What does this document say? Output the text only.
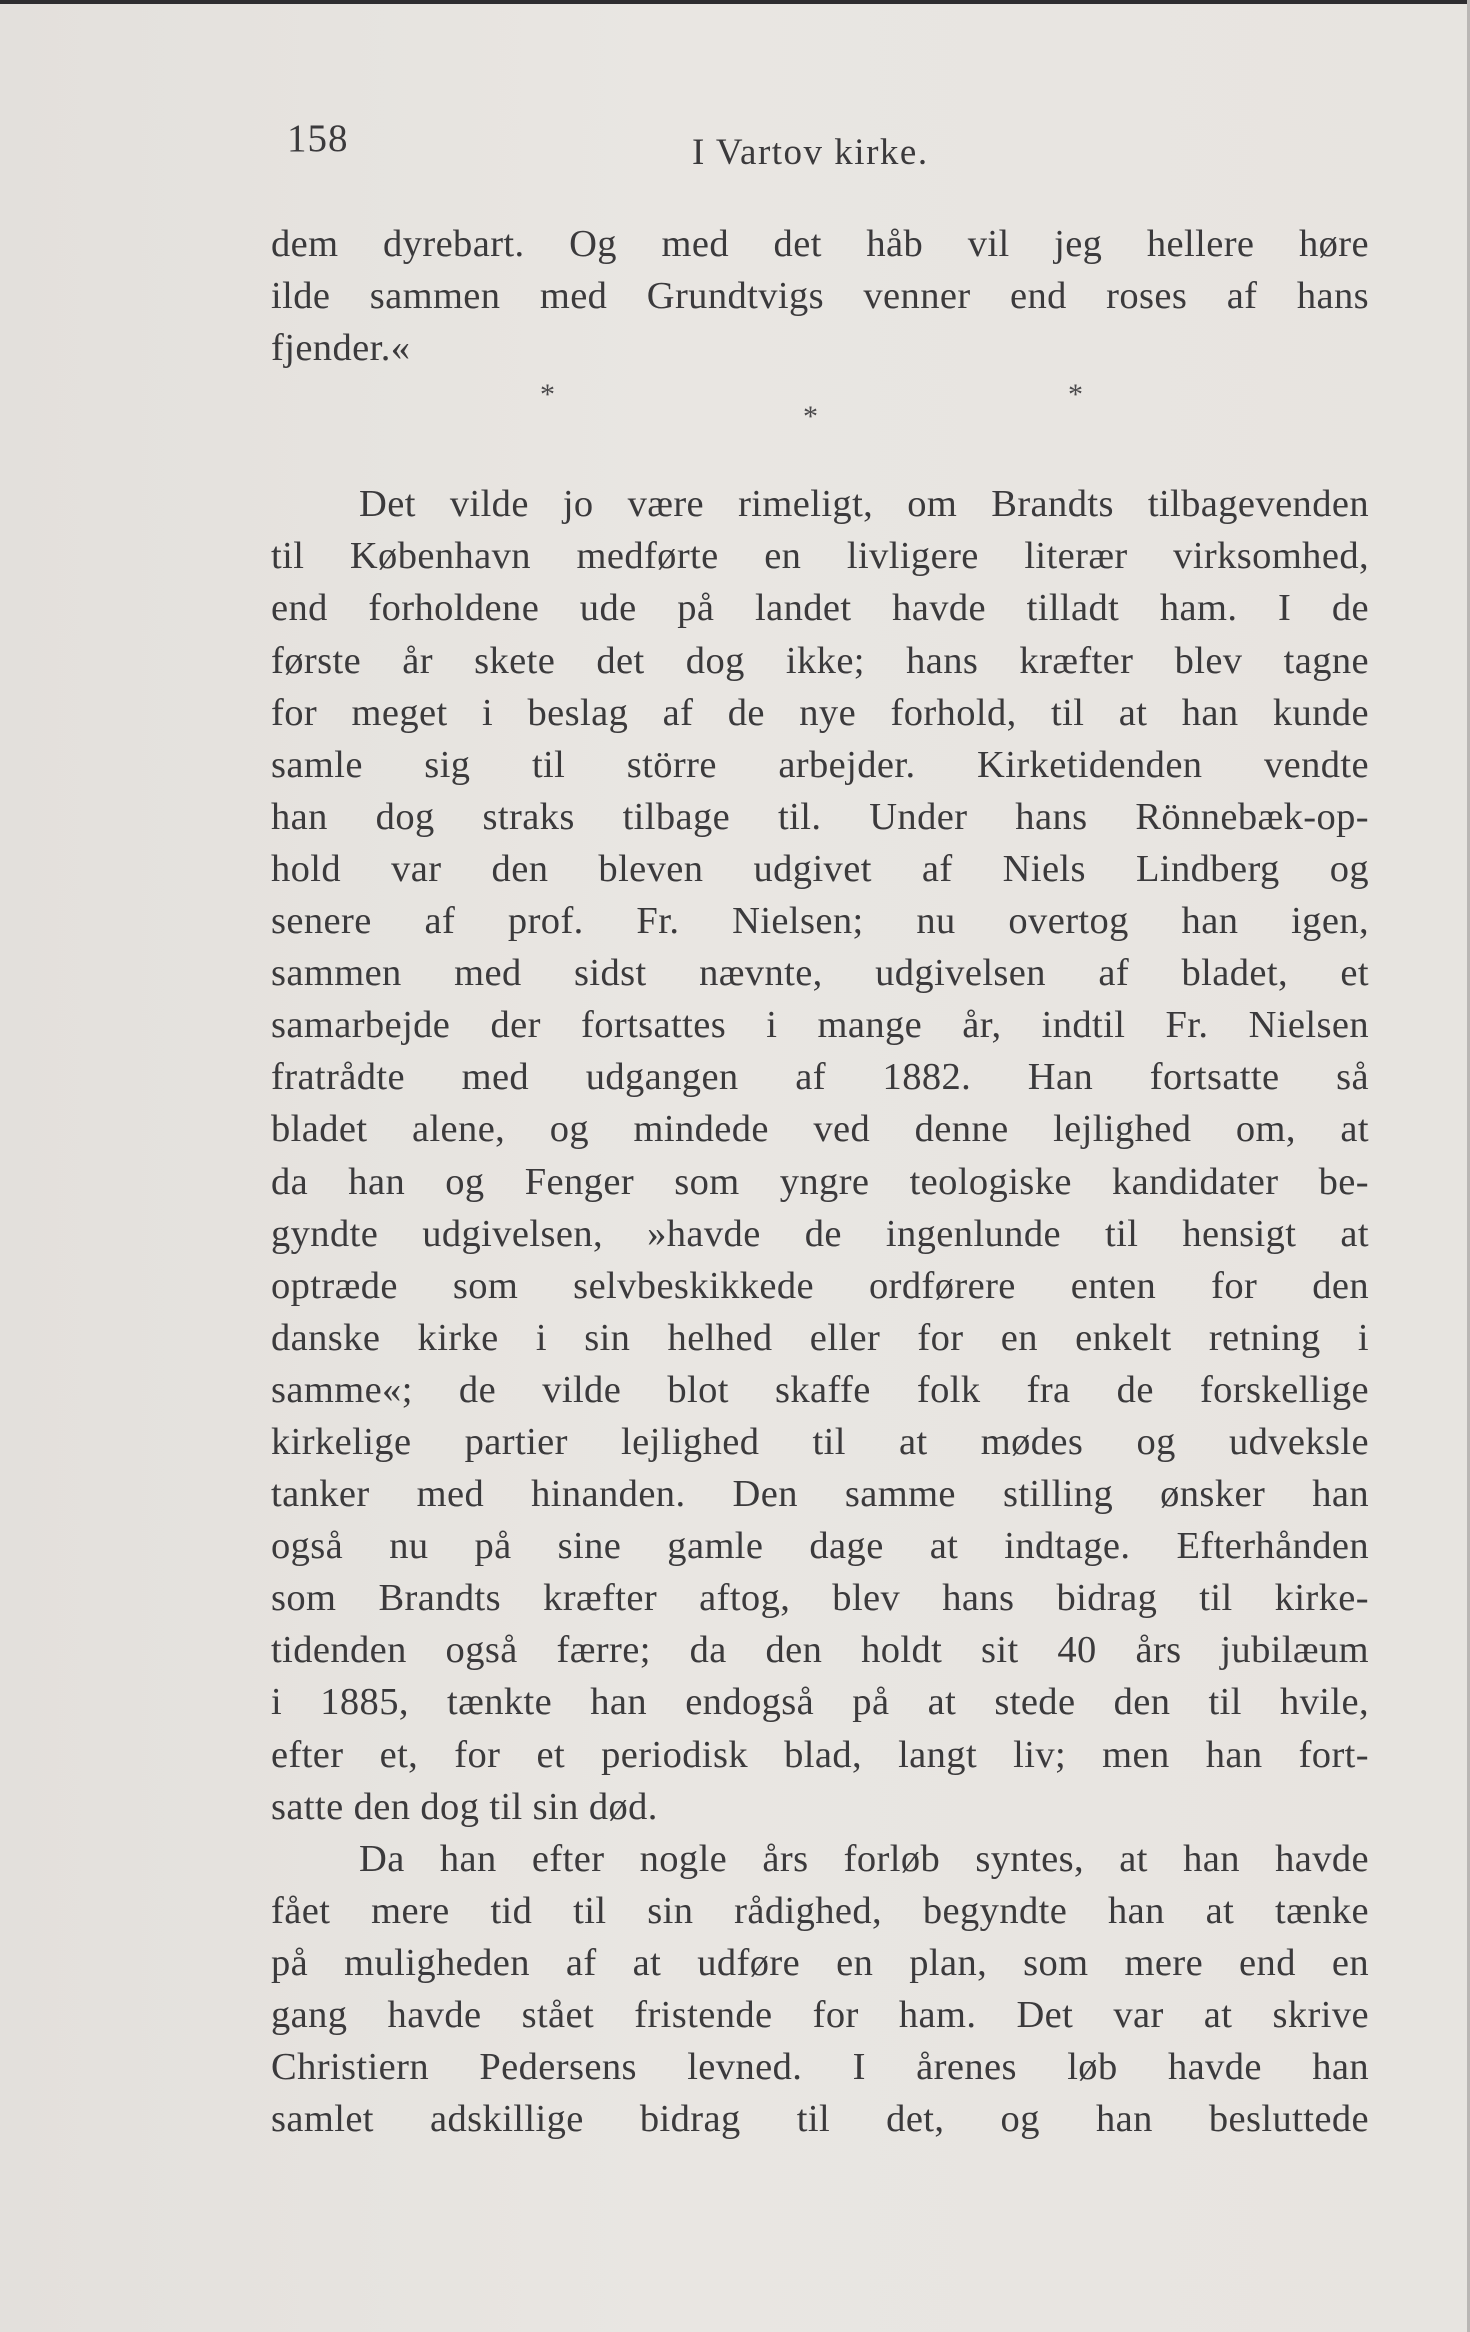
158	I Vartov kirke.
*
*
*
dem dyrebart. Og med det håb vil jeg hellere høre
ilde sammen med Grundtvigs venner end roses af hans
fjender.«
Det vilde jo være rimeligt, om Brandts tilbagevenden
til København medførte en livligere literær virksomhed,
end forholdene ude på landet havde tilladt ham. I de
første år skete det dog ikke; hans kræfter blev tagne
for meget i beslag af de nye forhold, til at han kunde
samle sig til större arbejder. Kirketidenden vendte
han dog straks tilbage til. Under hans Rönnebæk-op-
hold var den bleven udgivet af Niels Lindberg og
senere af prof. Fr. Nielsen; nu overtog han igen,
sammen med sidst nævnte, udgivelsen af bladet, et
samarbejde der fortsattes i mange år, indtil Fr. Nielsen
fratrådte med udgangen af 1882. Han fortsatte så
bladet alene, og mindede ved denne lejlighed om, at
da han og Fenger som yngre teologiske kandidater be-
gyndte udgivelsen, »havde de ingenlunde til hensigt at
optræde som selvbeskikkede ordførere enten for den
danske kirke i sin helhed eller for en enkelt retning i
samme«; de vilde blot skaffe folk fra de forskellige
kirkelige partier lejlighed til at mødes og udveksle
tanker med hinanden. Den samme stilling ønsker han
også nu på sine gamle dage at indtage. Efterhånden
som Brandts kræfter aftog, blev hans bidrag til kirke-
tidenden også færre; da den holdt sit 40 års jubilæum
i 1885, tænkte han endogså på at stede den til hvile,
efter et, for et periodisk blad, langt liv; men han fort-
satte den dog til sin død.
Da han efter nogle års forløb syntes, at han havde
fået mere tid til sin rådighed, begyndte han at tænke
på muligheden af at udføre en plan, som mere end en
gang havde stået fristende for ham. Det var at skrive
Christiern Pedersens levned. I årenes løb havde han
samlet adskillige bidrag til det, og han besluttede
